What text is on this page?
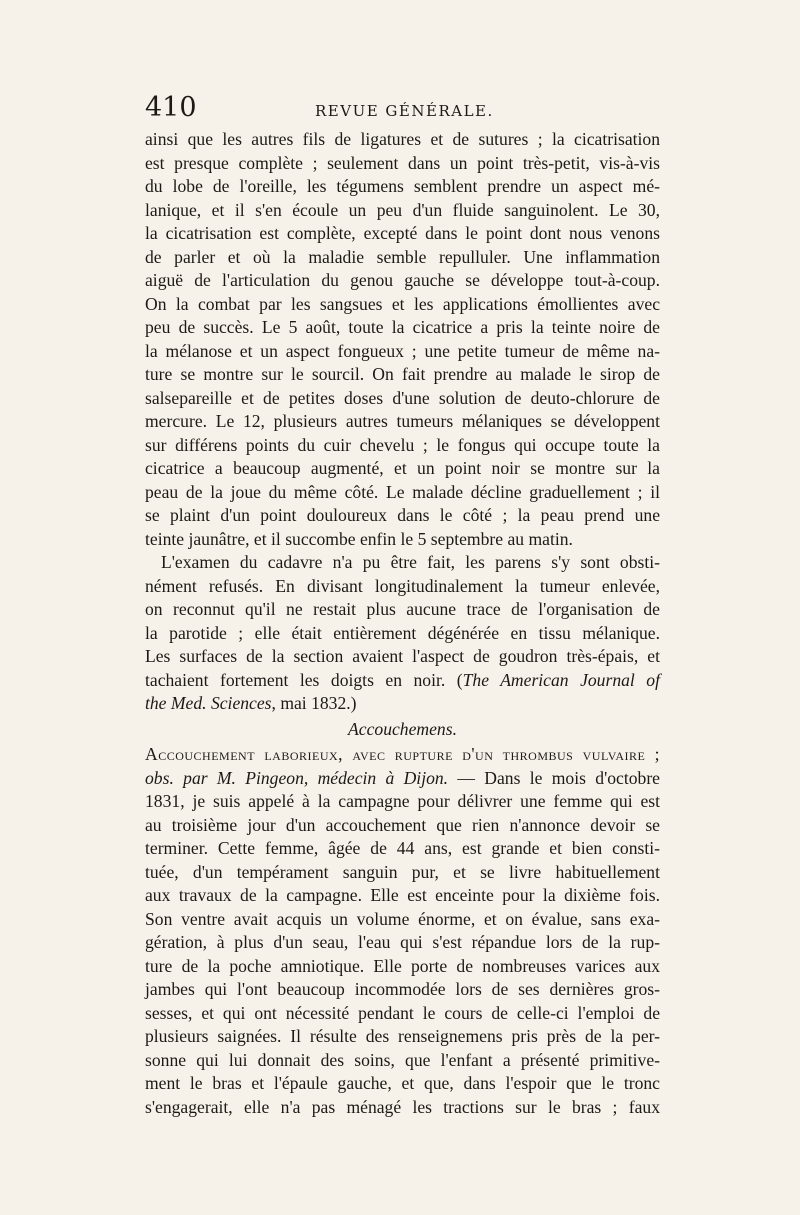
410	REVUE GÉNÉRALE.
ainsi que les autres fils de ligatures et de sutures ; la cicatrisation
est presque complète ; seulement dans un point très-petit, vis-à-vis
du lobe de l'oreille, les tégumens semblent prendre un aspect mé-
lanique, et il s'en écoule un peu d'un fluide sanguinolent. Le 30,
la cicatrisation est complète, excepté dans le point dont nous venons
de parler et où la maladie semble repulluler. Une inflammation
aiguë de l'articulation du genou gauche se développe tout-à-coup.
On la combat par les sangsues et les applications émollientes avec
peu de succès. Le 5 août, toute la cicatrice a pris la teinte noire de
la mélanose et un aspect fongueux ; une petite tumeur de même na-
ture se montre sur le sourcil. On fait prendre au malade le sirop de
salsepareille et de petites doses d'une solution de deuto-chlorure de
mercure. Le 12, plusieurs autres tumeurs mélaniques se développent
sur différens points du cuir chevelu ; le fongus qui occupe toute la
cicatrice a beaucoup augmenté, et un point noir se montre sur la
peau de la joue du même côté. Le malade décline graduellement ; il
se plaint d'un point douloureux dans le côté ; la peau prend une
teinte jaunâtre, et il succombe enfin le 5 septembre au matin.
L'examen du cadavre n'a pu être fait, les parens s'y sont obsti-
nément refusés. En divisant longitudinalement la tumeur enlevée,
on reconnut qu'il ne restait plus aucune trace de l'organisation de
la parotide ; elle était entièrement dégénérée en tissu mélanique.
Les surfaces de la section avaient l'aspect de goudron très-épais, et
tachaient fortement les doigts en noir. (The American Journal of
the Med. Sciences, mai 1832.)
Accouchemens.
Accouchement laborieux, avec rupture d'un thrombus vulvaire ;
obs. par M. Pingeon, médecin à Dijon. — Dans le mois d'octobre
1831, je suis appelé à la campagne pour délivrer une femme qui est
au troisième jour d'un accouchement que rien n'annonce devoir se
terminer. Cette femme, âgée de 44 ans, est grande et bien consti-
tuée, d'un tempérament sanguin pur, et se livre habituellement
aux travaux de la campagne. Elle est enceinte pour la dixième fois.
Son ventre avait acquis un volume énorme, et on évalue, sans exa-
gération, à plus d'un seau, l'eau qui s'est répandue lors de la rup-
ture de la poche amniotique. Elle porte de nombreuses varices aux
jambes qui l'ont beaucoup incommodée lors de ses dernières gros-
sesses, et qui ont nécessité pendant le cours de celle-ci l'emploi de
plusieurs saignées. Il résulte des renseignemens pris près de la per-
sonne qui lui donnait des soins, que l'enfant a présenté primitive-
ment le bras et l'épaule gauche, et que, dans l'espoir que le tronc
s'engagerait, elle n'a pas ménagé les tractions sur le bras ; faux
